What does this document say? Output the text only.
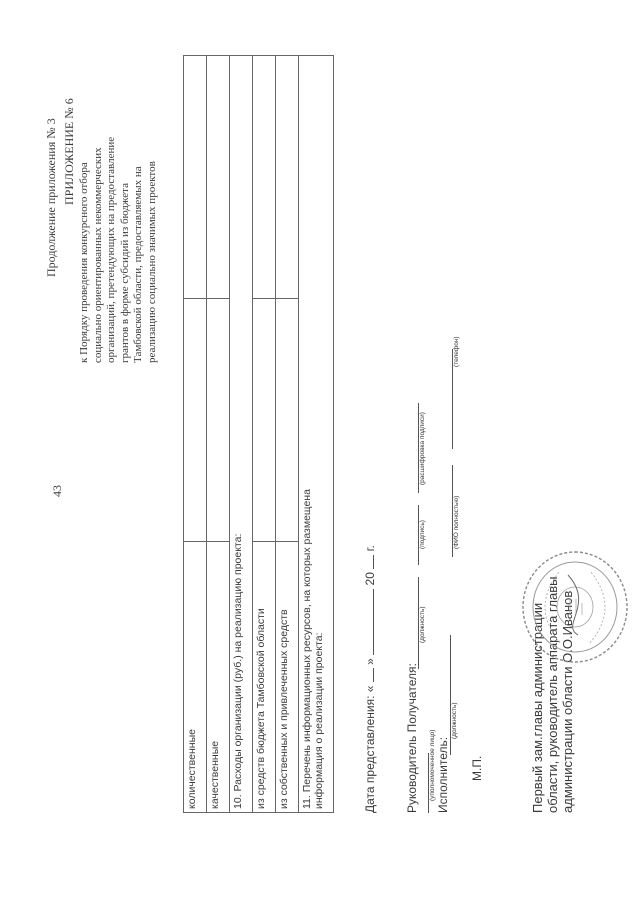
43
Продолжение приложения № 3 ПРИЛОЖЕНИЕ № 6
к Порядку проведения конкурсного отбора социально ориентированных некоммерческих организаций, претендующих на предоставление грантов в форме субсидий из бюджета Тамбовской области, предоставляемых на реализацию социально значимых проектов
количественные		
качественные		
10. Расходы организации (руб.) на реализацию проекта:		
из средств бюджета Тамбовской области		
из собственных и привлеченных средств		
11. Перечень информационных ресурсов, на которых размещена
информация о реализации проекта:			Дата представления: «  »  20  г.
Руководитель Получателя: (уполномоченное лицо)
(должность)
(подпись)
(расшифровка подписи)
Исполнитель:
(должность)
(ФИО полностью)
(телефон)
М.П.	Первый зам.главы администрации области, руководитель аппарата главы администрации области О.О.Иванов
